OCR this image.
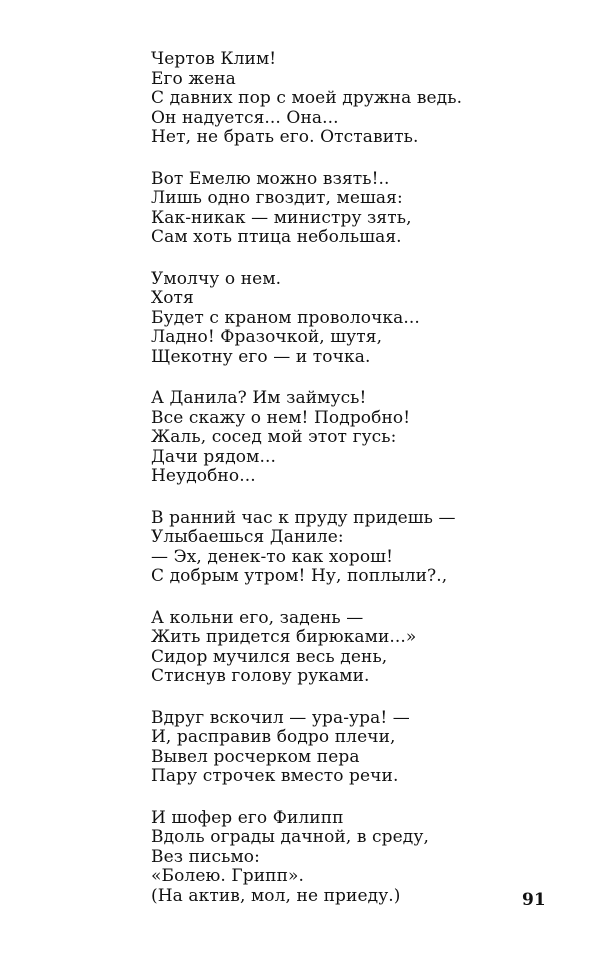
Чертов Клим!
Его жена
С давних пор с моей дружна ведь.
Он надуется... Она...
Нет, не брать его. Отставить.
Вот Емелю можно взять!..
Лишь одно гвоздит, мешая:
Как-никак — министру зять,
Сам хоть птица небольшая.
Умолчу о нем.
Хотя
Будет с краном проволочка...
Ладно! Фразочкой, шутя,
Щекотну его — и точка.
А Данила? Им займусь!
Все скажу о нем! Подробно!
Жаль, сосед мой этот гусь:
Дачи рядом...
Неудобно...
В ранний час к пруду придешь —
Улыбаешься Даниле:
— Эх, денек-то как хорош!
С добрым утром! Ну, поплыли?.,
А кольни его, задень —
Жить придется бирюками...»
Сидор мучился весь день,
Стиснув голову руками.
Вдруг вскочил — ура-ура! —
И, расправив бодро плечи,
Вывел росчерком пера
Пару строчек вместо речи.
И шофер его Филипп
Вдоль ограды дачной, в среду,
Вез письмо:
«Болею. Грипп».
(На актив, мол, не приеду.)	91
